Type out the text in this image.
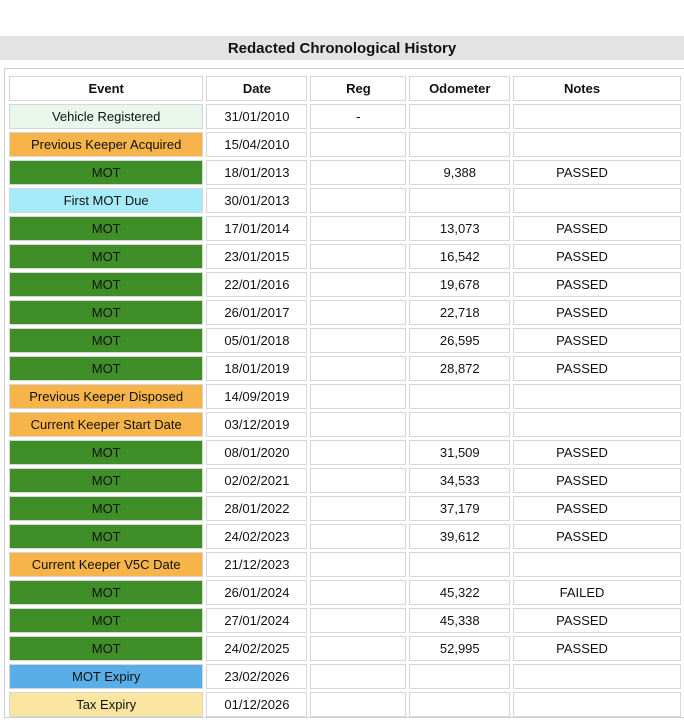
Redacted Chronological History
Event	Date	Reg	Odometer	Notes
Vehicle Registered	31/01/2010	-		
Previous Keeper Acquired	15/04/2010			
MOT	18/01/2013		9,388	PASSED
First MOT Due	30/01/2013			
MOT	17/01/2014		13,073	PASSED
MOT	23/01/2015		16,542	PASSED
MOT	22/01/2016		19,678	PASSED
MOT	26/01/2017		22,718	PASSED
MOT	05/01/2018		26,595	PASSED
MOT	18/01/2019		28,872	PASSED
Previous Keeper Disposed	14/09/2019			
Current Keeper Start Date	03/12/2019			
MOT	08/01/2020		31,509	PASSED
MOT	02/02/2021		34,533	PASSED
MOT	28/01/2022		37,179	PASSED
MOT	24/02/2023		39,612	PASSED
Current Keeper V5C Date	21/12/2023			
MOT	26/01/2024		45,322	FAILED
MOT	27/01/2024		45,338	PASSED
MOT	24/02/2025		52,995	PASSED
MOT Expiry	23/02/2026			
Tax Expiry	01/12/2026			
